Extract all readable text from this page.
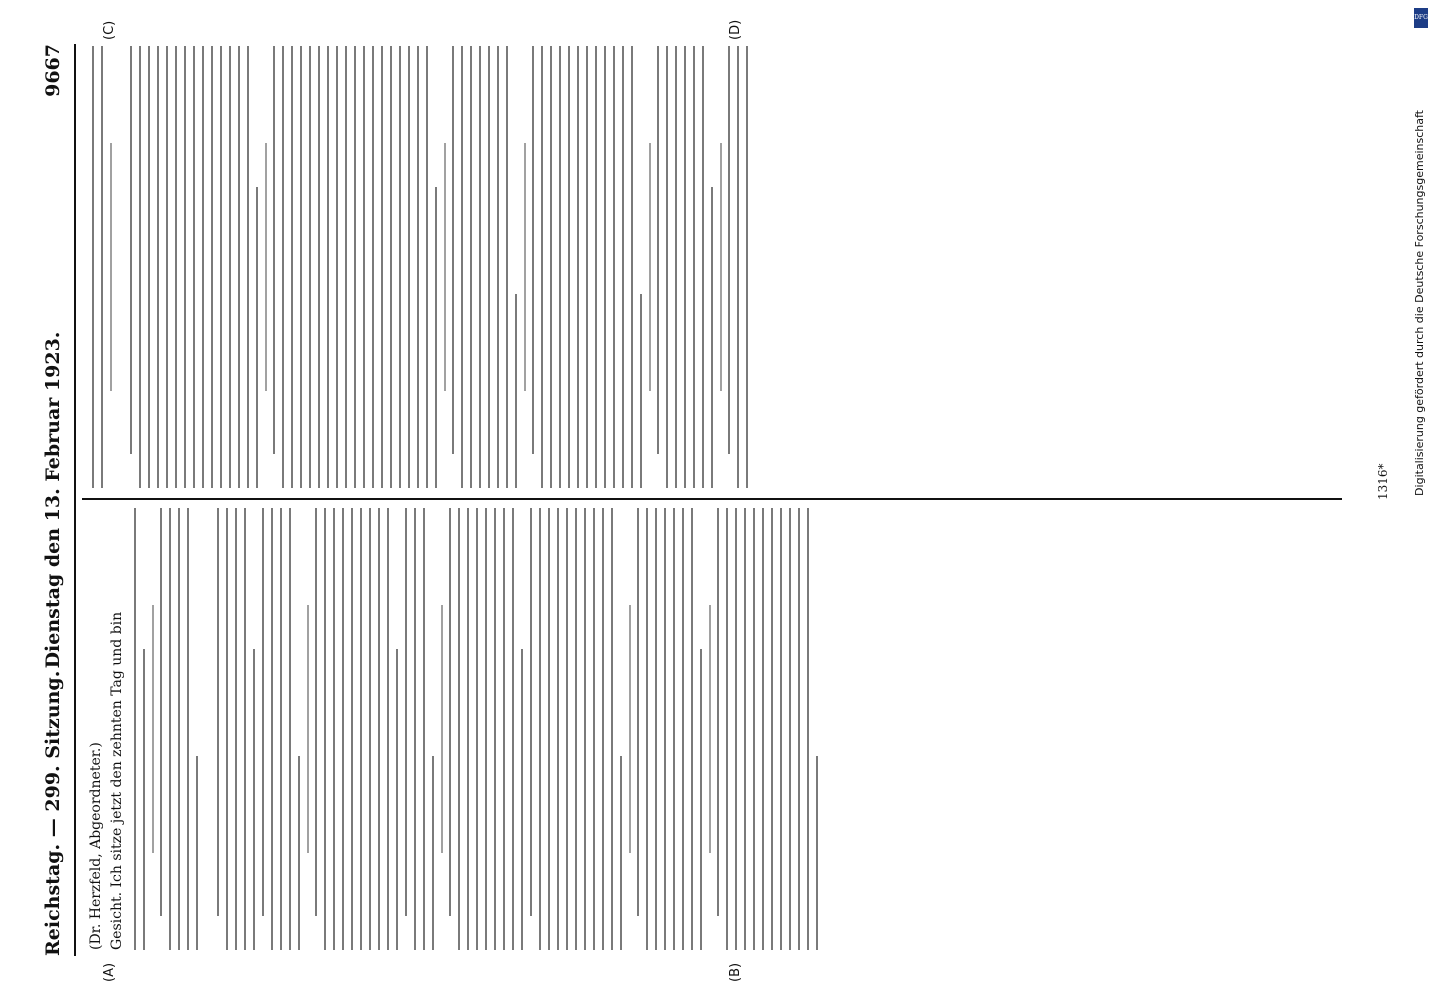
Reichstag. — 299. Sitzung.
Dienstag den 13. Februar 1923.
9667
(A)	(B)
(C)	(D)
(Dr. Herzfeld, Abgeordneter.) Gesicht. Ich sitze jetzt den zehnten Tag und bin
1316*
DFG
Digitalisierung gefördert durch die Deutsche Forschungsgemeinschaft
